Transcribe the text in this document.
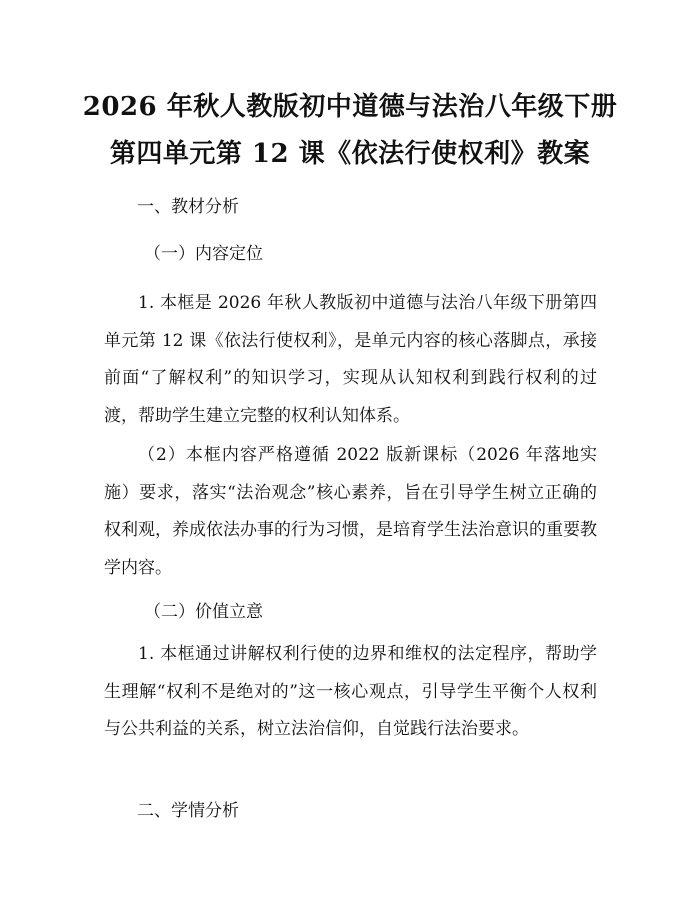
2026 年秋人教版初中道德与法治八年级下册
第四单元第 12 课《依法行使权利》教案
一、教材分析
（一）内容定位
1. 本框是 2026 年秋人教版初中道德与法治八年级下册第四单元第 12 课《依法行使权利》，是单元内容的核心落脚点，承接前面“了解权利”的知识学习，实现从认知权利到践行权利的过渡，帮助学生建立完整的权利认知体系。
（2）本框内容严格遵循 2022 版新课标（2026 年落地实施）要求，落实“法治观念”核心素养，旨在引导学生树立正确的权利观，养成依法办事的行为习惯，是培育学生法治意识的重要教学内容。
（二）价值立意
1. 本框通过讲解权利行使的边界和维权的法定程序，帮助学生理解“权利不是绝对的”这一核心观点，引导学生平衡个人权利与公共利益的关系，树立法治信仰，自觉践行法治要求。
二、学情分析
